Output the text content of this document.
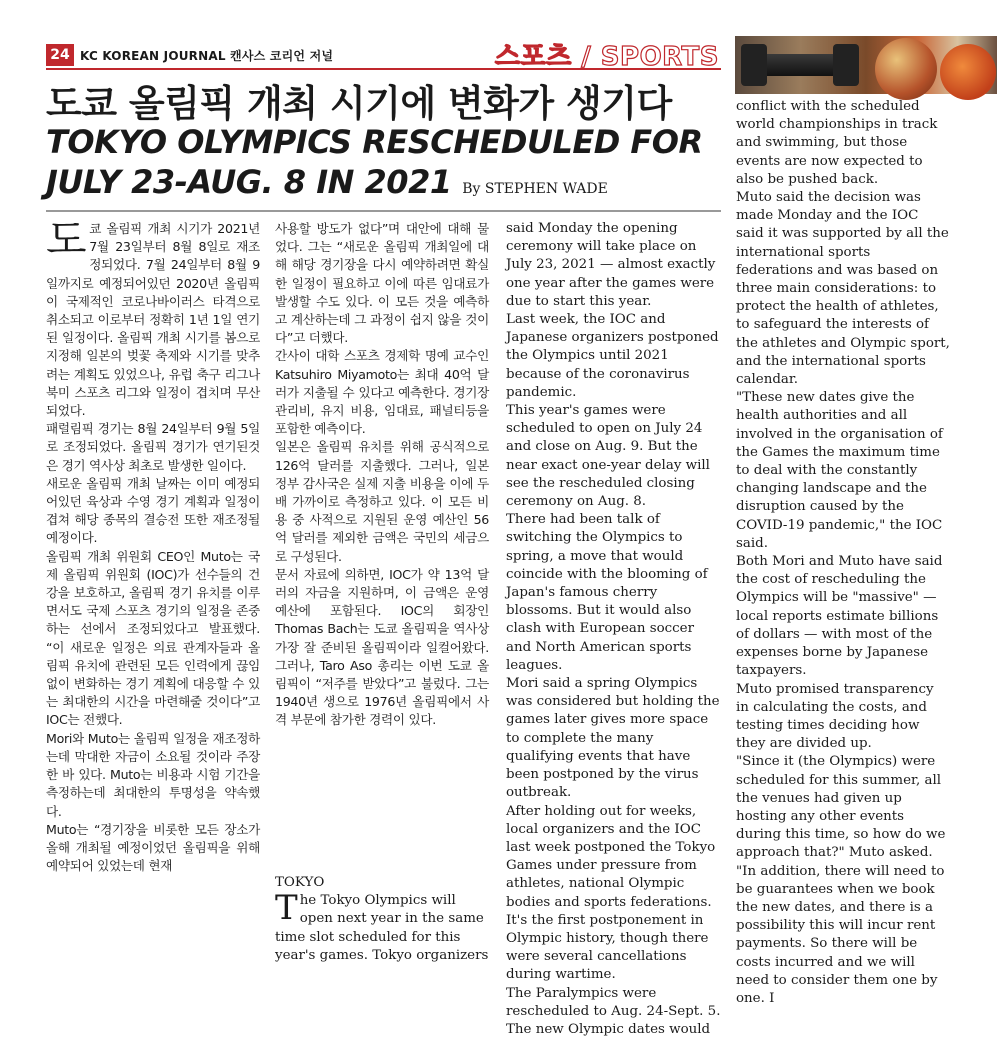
24 KC KOREAN JOURNAL 캔사스 코리언 저널	스포츠 / SPORTS
도쿄 올림픽 개최 시기에 변화가 생기다
TOKYO OLYMPICS RESCHEDULED FOR JULY 23-AUG. 8 IN 2021 By STEPHEN WADE

도쿄 올림픽 개최 시기가 2021년 7월 23일부터 8월 8일로 재조정되었다. 7월 24일부터 8월 9일까지로 예정되어있던 2020년 올림픽이 국제적인 코로나바이러스 타격으로 취소되고 이로부터 정확히 1년 1일 연기된 일정이다. 올림픽 개최 시기를 봄으로 지정해 일본의 벚꽃 축제와 시기를 맞추려는 계획도 있었으나, 유럽 축구 리그나 북미 스포츠 리그와 일정이 겹치며 무산되었다.

패럴림픽 경기는 8월 24일부터 9월 5일로 조정되었다. 올림픽 경기가 연기된것은 경기 역사상 최초로 발생한 일이다.

새로운 올림픽 개최 날짜는 이미 예정되어있던 육상과 수영 경기 계획과 일정이 겹쳐 해당 종목의 결승전 또한 재조정될 예정이다.

올림픽 개최 위원회 CEO인 Muto는 국제 올림픽 위원회 (IOC)가 선수들의 건강을 보호하고, 올림픽 경기 유치를 이루면서도 국제 스포츠 경기의 일정을 존중하는 선에서 조정되었다고 발표했다. “이 새로운 일정은 의료 관계자들과 올림픽 유치에 관련된 모든 인력에게 끊임없이 변화하는 경기 계획에 대응할 수 있는 최대한의 시간을 마련해줄 것이다”고 IOC는 전했다.

Mori와 Muto는 올림픽 일정을 재조정하는데 막대한 자금이 소요될 것이라 주장한 바 있다. Muto는 비용과 시험 기간을 측정하는데 최대한의 투명성을 약속했다.

Muto는 “경기장을 비롯한 모든 장소가 올해 개최될 예정이었던 올림픽을 위해 예약되어 있었는데 현재

사용할 방도가 없다”며 대안에 대해 물었다. 그는 “새로운 올림픽 개최일에 대해 해당 경기장을 다시 예약하려면 확실한 일정이 필요하고 이에 따른 임대료가 발생할 수도 있다. 이 모든 것을 예측하고 계산하는데 그 과정이 쉽지 않을 것이다”고 더했다.

간사이 대학 스포츠 경제학 명예 교수인 Katsuhiro Miyamoto는 최대 40억 달러가 지출될 수 있다고 예측한다. 경기장 관리비, 유지 비용, 임대료, 패널티등을 포함한 예측이다.

일본은 올림픽 유치를 위해 공식적으로 126억 달러를 지출했다. 그러나, 일본 정부 감사국은 실제 지출 비용을 이에 두 배 가까이로 측정하고 있다. 이 모든 비용 중 사적으로 지원된 운영 예산인 56억 달러를 제외한 금액은 국민의 세금으로 구성된다.

문서 자료에 의하면, IOC가 약 13억 달러의 자금을 지원하며, 이 금액은 운영 예산에 포함된다. IOC의 회장인 Thomas Bach는 도쿄 올림픽을 역사상 가장 잘 준비된 올림픽이라 일컬어왔다. 그러나, Taro Aso 총리는 이번 도쿄 올림픽이 “저주를 받았다”고 불렀다. 그는 1940년 생으로 1976년 올림픽에서 사격 부문에 참가한 경력이 있다.

TOKYO

The Tokyo Olympics will open next year in the same time slot scheduled for this year's games. Tokyo organizers

said Monday the opening ceremony will take place on July 23, 2021 — almost exactly one year after the games were due to start this year.

Last week, the IOC and Japanese organizers postponed the Olympics until 2021 because of the coronavirus pandemic.

This year's games were scheduled to open on July 24 and close on Aug. 9. But the near exact one-year delay will see the rescheduled closing ceremony on Aug. 8.

There had been talk of switching the Olympics to spring, a move that would coincide with the blooming of Japan's famous cherry blossoms. But it would also clash with European soccer and North American sports leagues.

Mori said a spring Olympics was considered but holding the games later gives more space to complete the many qualifying events that have been postponed by the virus outbreak.

After holding out for weeks, local organizers and the IOC last week postponed the Tokyo Games under pressure from athletes, national Olympic bodies and sports federations.

It's the first postponement in Olympic history, though there were several cancellations during wartime.

The Paralympics were rescheduled to Aug. 24-Sept. 5.

The new Olympic dates would

conflict with the scheduled world championships in track and swimming, but those events are now expected to also be pushed back.

Muto said the decision was made Monday and the IOC said it was supported by all the international sports federations and was based on three main considerations: to protect the health of athletes, to safeguard the interests of the athletes and Olympic sport, and the international sports calendar.

"These new dates give the health authorities and all involved in the organisation of the Games the maximum time to deal with the constantly changing landscape and the disruption caused by the COVID-19 pandemic," the IOC said.

Both Mori and Muto have said the cost of rescheduling the Olympics will be "massive" — local reports estimate billions of dollars — with most of the expenses borne by Japanese taxpayers.

Muto promised transparency in calculating the costs, and testing times deciding how they are divided up.

"Since it (the Olympics) were scheduled for this summer, all the venues had given up hosting any other events during this time, so how do we approach that?" Muto asked. "In addition, there will need to be guarantees when we book the new dates, and there is a possibility this will incur rent payments. So there will be costs incurred and we will need to consider them one by one. I
